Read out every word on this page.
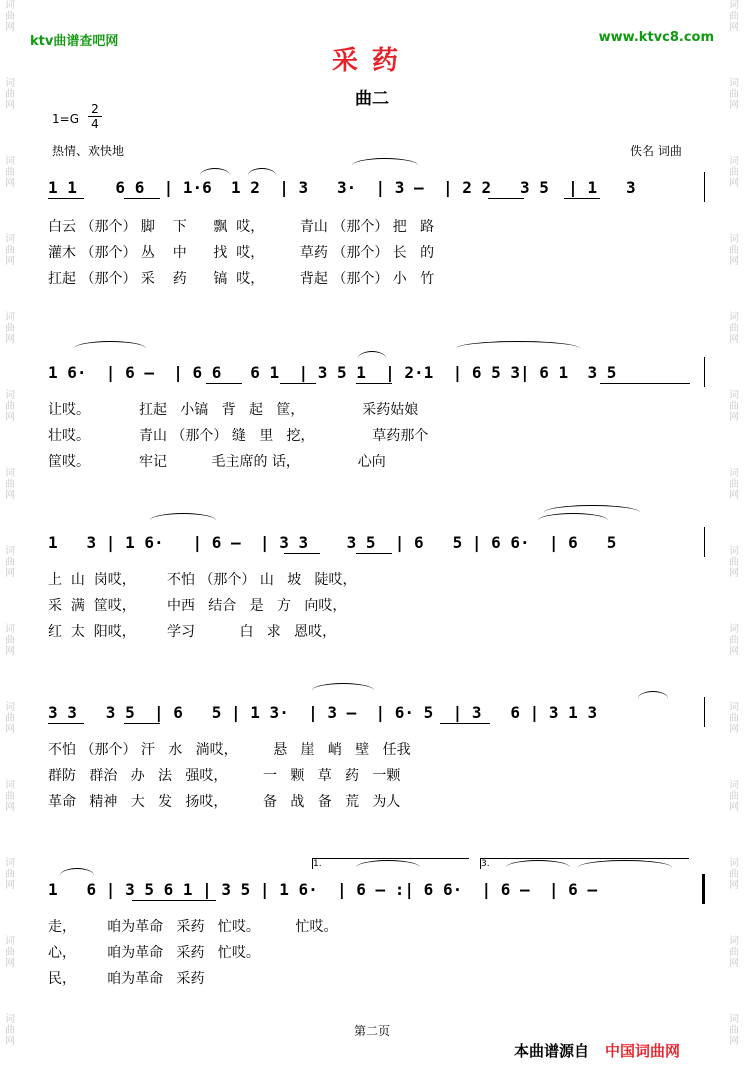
词
曲
网
词
曲
网
词
曲
网
词
曲
网
词
曲
网
词
曲
网
词
曲
网
词
曲
网
词
曲
网
词
曲
网
词
曲
网
词
曲
网
词
曲
网
词
曲
网
词
曲
网
词
曲
网
词
曲
网
词
曲
网
词
曲
网
词
曲
网
词
曲
网
词
曲
网
词
曲
网
词
曲
网
词
曲
网
词
曲
网
词
曲
网
词
曲
网
ktv曲谱查吧网	www.ktvc8.com
采药
曲二
$1=G \frac{2}{4}$
热情、欢快地	佚名 词曲
1 1    6 6  | 1·6  1 2  | 3   3·  | 3 –  | 2 2   3 5  | 1   3
白云 （那个） 脚    下      飘  哎，        青山 （那个） 把   路
灌木 （那个） 丛    中      找  哎，        草药 （那个） 长   的
扛起 （那个） 采    药      镐  哎，        背起 （那个） 小   竹
1 6·  | 6 –  | 6 6   6 1  | 3 5 1  | 2·1  | 6 5 3| 6 1  3 5
让哎。           扛起   小镐   背   起   筐，             采药姑娘
壮哎。           青山 （那个） 缝   里   挖，             草药那个
筐哎。           牢记          毛主席的 话，             心向
1   3 | 1 6·   | 6 –  | 3 3    3 5  | 6   5 | 6 6·  | 6   5
上  山  岗哎，       不怕 （那个） 山   坡   陡哎，
采  满  筐哎，       中西   结合   是   方   向哎，
红  太  阳哎，       学习          白   求   恩哎，
3 3   3 5  | 6   5 | 1 3·  | 3 –  | 6· 5  | 3   6 | 3 1 3
不怕 （那个） 汗   水   淌哎，        悬   崖   峭   壁   任我
群防   群治   办   法   强哎，        一   颗   草   药   一颗
革命   精神   大   发   扬哎，        备   战   备   荒   为人
1.	3.
1   6 | 3 5 6 1 | 3 5 | 1 6·  | 6 – :| 6 6·  | 6 –  | 6 –
走，       咱为革命   采药   忙哎。        忙哎。
心，       咱为革命   采药   忙哎。
民，       咱为革命   采药
第二页
本曲谱源自 中国词曲网
